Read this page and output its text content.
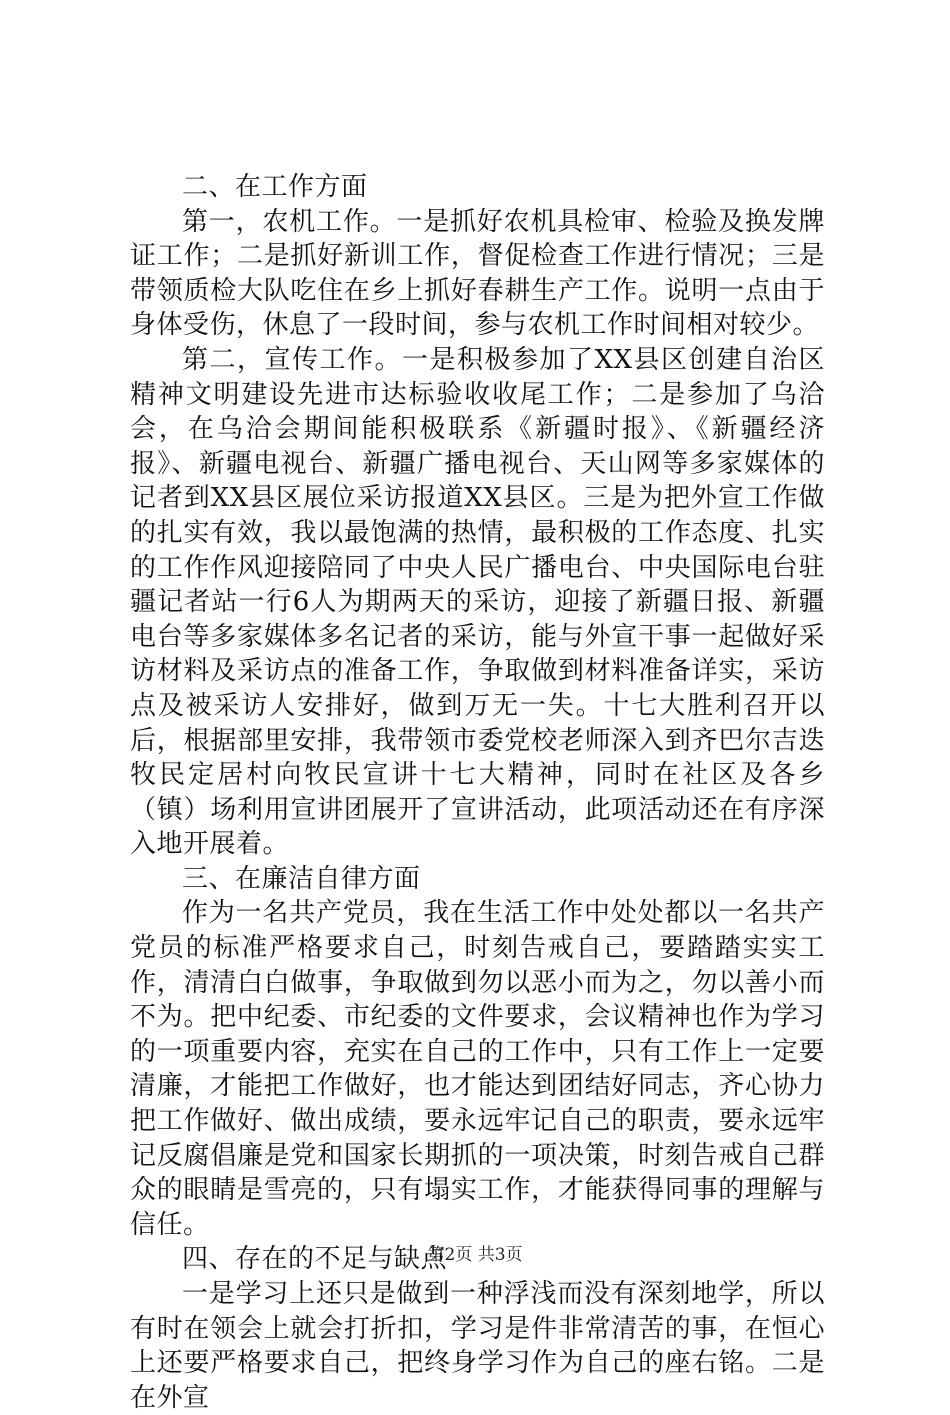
二、在工作方面

第一，农机工作。一是抓好农机具检审、检验及换发牌证工作；二是抓好新训工作，督促检查工作进行情况；三是带领质检大队吃住在乡上抓好春耕生产工作。说明一点由于身体受伤，休息了一段时间，参与农机工作时间相对较少。

第二，宣传工作。一是积极参加了XX县区创建自治区精神文明建设先进市达标验收收尾工作；二是参加了乌洽会，在乌洽会期间能积极联系《新疆时报》、《新疆经济报》、新疆电视台、新疆广播电视台、天山网等多家媒体的记者到XX县区展位采访报道XX县区。三是为把外宣工作做的扎实有效，我以最饱满的热情，最积极的工作态度、扎实的工作作风迎接陪同了中央人民广播电台、中央国际电台驻疆记者站一行6人为期两天的采访，迎接了新疆日报、新疆电台等多家媒体多名记者的采访，能与外宣干事一起做好采访材料及采访点的准备工作，争取做到材料准备详实，采访点及被采访人安排好，做到万无一失。十七大胜利召开以后，根据部里安排，我带领市委党校老师深入到齐巴尔吉迭牧民定居村向牧民宣讲十七大精神，同时在社区及各乡（镇）场利用宣讲团展开了宣讲活动，此项活动还在有序深入地开展着。

三、在廉洁自律方面

作为一名共产党员，我在生活工作中处处都以一名共产党员的标准严格要求自己，时刻告戒自己，要踏踏实实工作，清清白白做事，争取做到勿以恶小而为之，勿以善小而不为。把中纪委、市纪委的文件要求，会议精神也作为学习的一项重要内容，充实在自己的工作中，只有工作上一定要清廉，才能把工作做好，也才能达到团结好同志，齐心协力把工作做好、做出成绩，要永远牢记自己的职责，要永远牢记反腐倡廉是党和国家长期抓的一项决策，时刻告戒自己群众的眼睛是雪亮的，只有塌实工作，才能获得同事的理解与信任。

四、存在的不足与缺点

一是学习上还只是做到一种浮浅而没有深刻地学，所以有时在领会上就会打折扣，学习是件非常清苦的事，在恒心上还要严格要求自己，把终身学习作为自己的座右铭。二是在外宣

第2页 共3页
